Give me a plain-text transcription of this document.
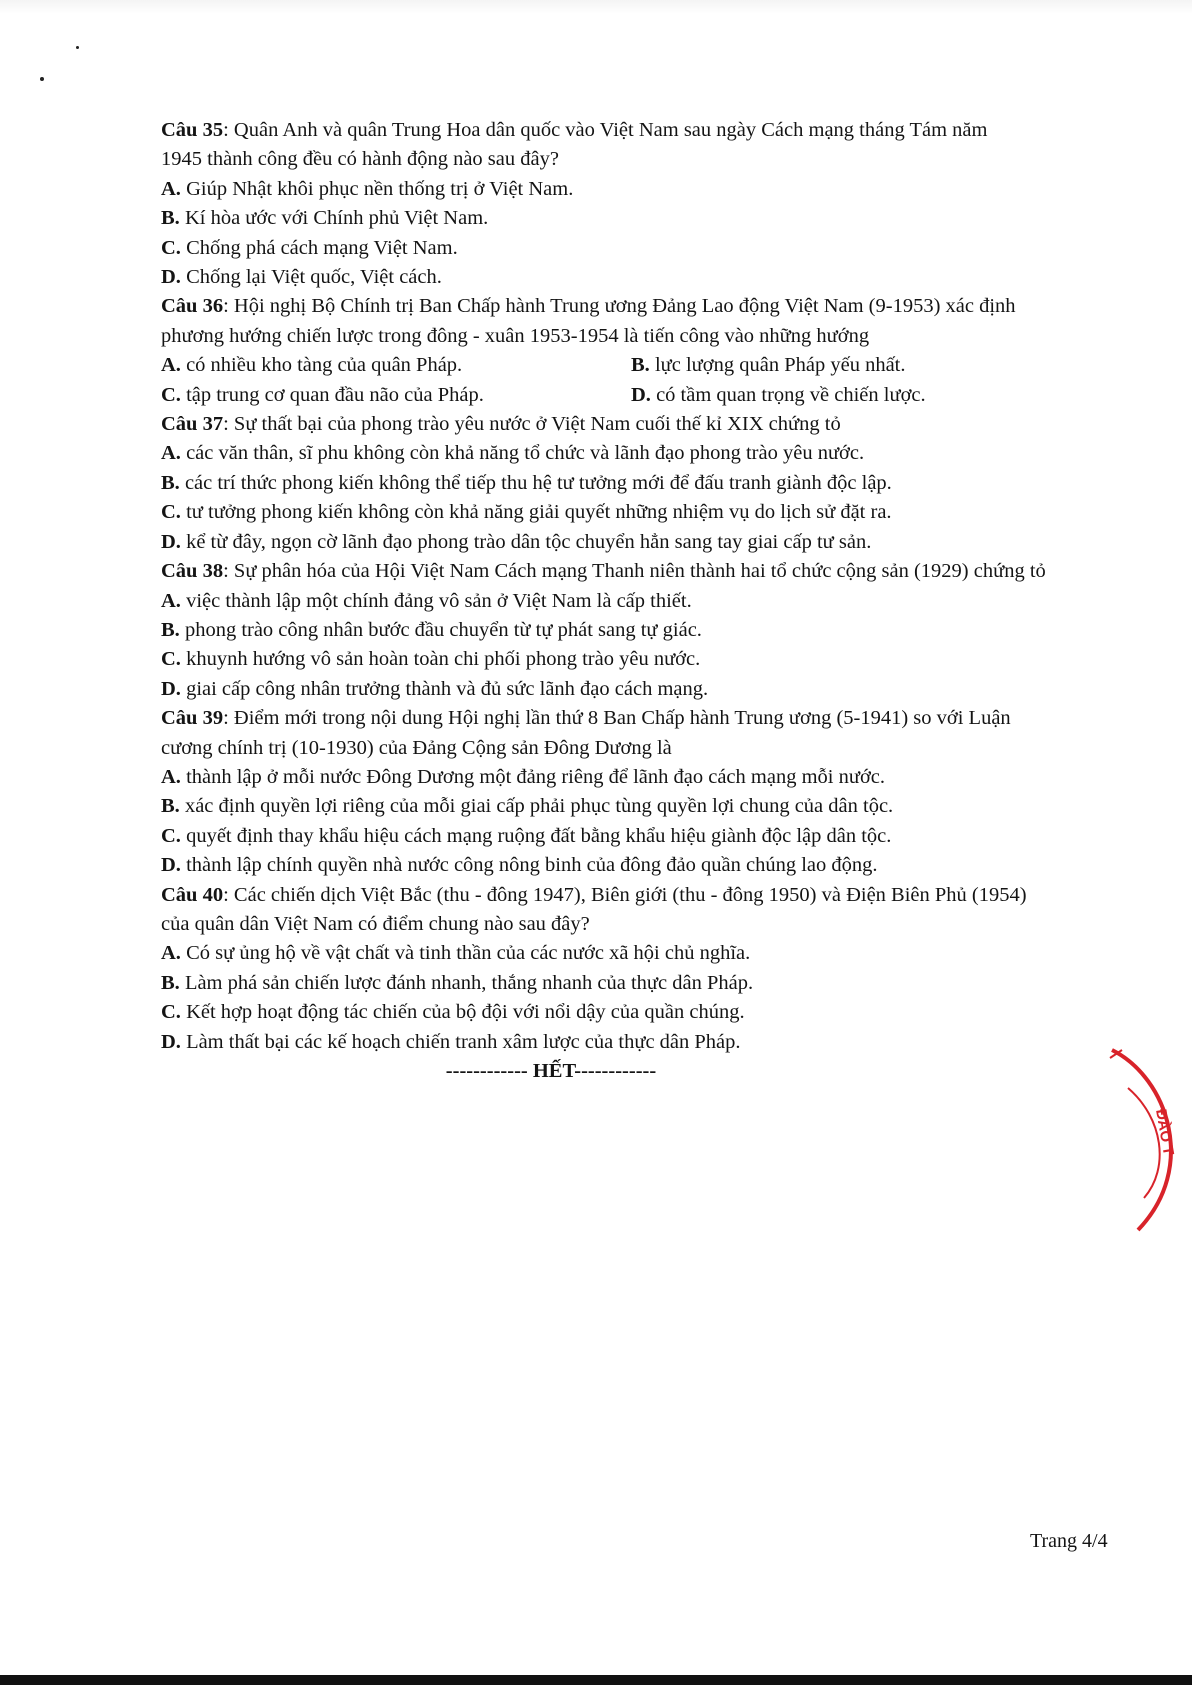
Câu 35: Quân Anh và quân Trung Hoa dân quốc vào Việt Nam sau ngày Cách mạng tháng Tám năm
1945 thành công đều có hành động nào sau đây?
A. Giúp Nhật khôi phục nền thống trị ở Việt Nam.
B. Kí hòa ước với Chính phủ Việt Nam.
C. Chống phá cách mạng Việt Nam.
D. Chống lại Việt quốc, Việt cách.
Câu 36: Hội nghị Bộ Chính trị Ban Chấp hành Trung ương Đảng Lao động Việt Nam (9-1953) xác định
phương hướng chiến lược trong đông - xuân 1953-1954 là tiến công vào những hướng
A. có nhiều kho tàng của quân Pháp.	B. lực lượng quân Pháp yếu nhất.
C. tập trung cơ quan đầu não của Pháp.	D. có tầm quan trọng về chiến lược.
Câu 37: Sự thất bại của phong trào yêu nước ở Việt Nam cuối thế kỉ XIX chứng tỏ
A. các văn thân, sĩ phu không còn khả năng tổ chức và lãnh đạo phong trào yêu nước.
B. các trí thức phong kiến không thể tiếp thu hệ tư tưởng mới để đấu tranh giành độc lập.
C. tư tưởng phong kiến không còn khả năng giải quyết những nhiệm vụ do lịch sử đặt ra.
D. kể từ đây, ngọn cờ lãnh đạo phong trào dân tộc chuyển hẳn sang tay giai cấp tư sản.
Câu 38: Sự phân hóa của Hội Việt Nam Cách mạng Thanh niên thành hai tổ chức cộng sản (1929) chứng tỏ
A. việc thành lập một chính đảng vô sản ở Việt Nam là cấp thiết.
B. phong trào công nhân bước đầu chuyển từ tự phát sang tự giác.
C. khuynh hướng vô sản hoàn toàn chi phối phong trào yêu nước.
D. giai cấp công nhân trưởng thành và đủ sức lãnh đạo cách mạng.
Câu 39: Điểm mới trong nội dung Hội nghị lần thứ 8 Ban Chấp hành Trung ương (5-1941) so với Luận
cương chính trị (10-1930) của Đảng Cộng sản Đông Dương là
A. thành lập ở mỗi nước Đông Dương một đảng riêng để lãnh đạo cách mạng mỗi nước.
B. xác định quyền lợi riêng của mỗi giai cấp phải phục tùng quyền lợi chung của dân tộc.
C. quyết định thay khẩu hiệu cách mạng ruộng đất bằng khẩu hiệu giành độc lập dân tộc.
D. thành lập chính quyền nhà nước công nông binh của đông đảo quần chúng lao động.
Câu 40: Các chiến dịch Việt Bắc (thu - đông 1947), Biên giới (thu - đông 1950) và Điện Biên Phủ (1954)
của quân dân Việt Nam có điểm chung nào sau đây?
A. Có sự ủng hộ về vật chất và tinh thần của các nước xã hội chủ nghĩa.
B. Làm phá sản chiến lược đánh nhanh, thắng nhanh của thực dân Pháp.
C. Kết hợp hoạt động tác chiến của bộ đội với nổi dậy của quần chúng.
D. Làm thất bại các kế hoạch chiến tranh xâm lược của thực dân Pháp.
------------ HẾT------------
ĐÀO T
Trang 4/4
